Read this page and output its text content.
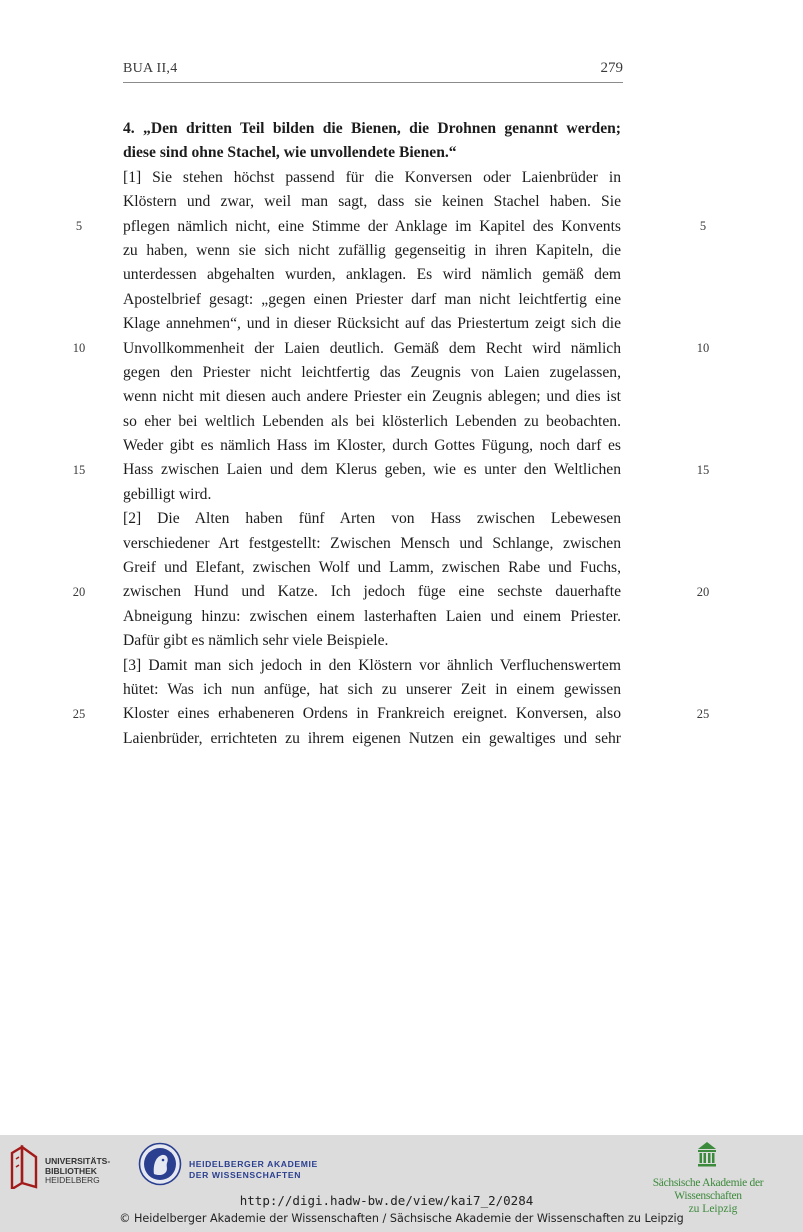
BUA II,4	279
4. „Den dritten Teil bilden die Bienen, die Drohnen genannt werden;
diese sind ohne Stachel, wie unvollendete Bienen.“
[1] Sie stehen höchst passend für die Konversen oder Laienbrüder in
Klöstern und zwar, weil man sagt, dass sie keinen Stachel haben. Sie
pflegen nämlich nicht, eine Stimme der Anklage im Kapitel des Konvents
zu haben, wenn sie sich nicht zufällig gegenseitig in ihren Kapiteln, die
unterdessen abgehalten wurden, anklagen. Es wird nämlich gemäß dem
Apostelbrief gesagt: „gegen einen Priester darf man nicht leichtfertig eine
Klage annehmen“, und in dieser Rücksicht auf das Priestertum zeigt sich die
Unvollkommenheit der Laien deutlich. Gemäß dem Recht wird nämlich
gegen den Priester nicht leichtfertig das Zeugnis von Laien zugelassen,
wenn nicht mit diesen auch andere Priester ein Zeugnis ablegen; und dies ist
so eher bei weltlich Lebenden als bei klösterlich Lebenden zu beobachten.
Weder gibt es nämlich Hass im Kloster, durch Gottes Fügung, noch darf es
Hass zwischen Laien und dem Klerus geben, wie es unter den Weltlichen
gebilligt wird.
[2] Die Alten haben fünf Arten von Hass zwischen Lebewesen
verschiedener Art festgestellt: Zwischen Mensch und Schlange, zwischen
Greif und Elefant, zwischen Wolf und Lamm, zwischen Rabe und Fuchs,
zwischen Hund und Katze. Ich jedoch füge eine sechste dauerhafte
Abneigung hinzu: zwischen einem lasterhaften Laien und einem Priester.
Dafür gibt es nämlich sehr viele Beispiele.
[3] Damit man sich jedoch in den Klöstern vor ähnlich Verfluchenswertem
hütet: Was ich nun anfüge, hat sich zu unserer Zeit in einem gewissen
Kloster eines erhabeneren Ordens in Frankreich ereignet. Konversen, also
Laienbrüder, errichteten zu ihrem eigenen Nutzen ein gewaltiges und sehr
5
10
15
20
25
5
10
15
20
25
UNIVERSITÄTS-
BIBLIOTHEK
HEIDELBERG
HEIDELBERGER AKADEMIE
DER WISSENSCHAFTEN
Sächsische Akademie der Wissenschaften
zu Leipzig
http://digi.hadw-bw.de/view/kai7_2/0284
© Heidelberger Akademie der Wissenschaften / Sächsische Akademie der Wissenschaften zu Leipzig
